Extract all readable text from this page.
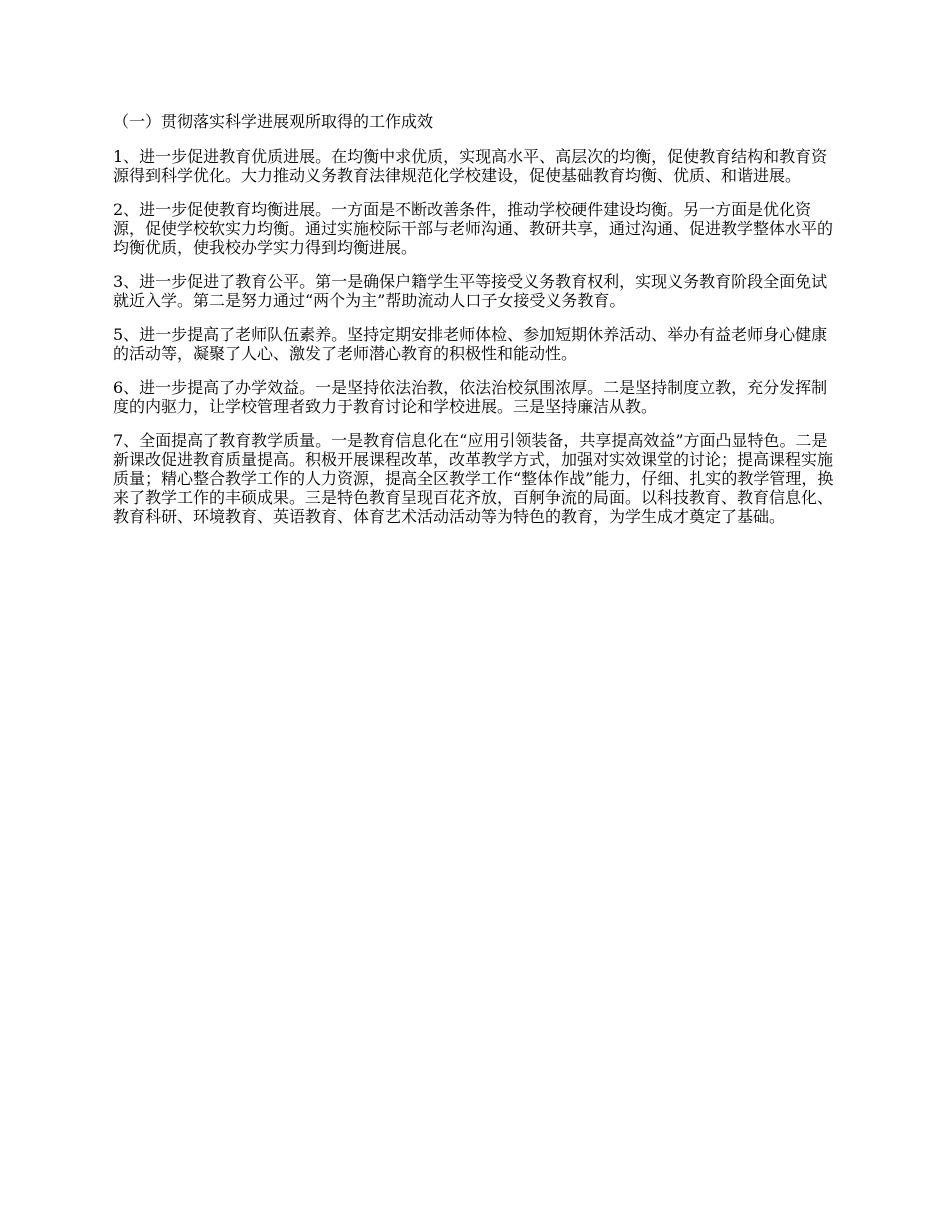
（一）贯彻落实科学进展观所取得的工作成效

1、进一步促进教育优质进展。在均衡中求优质，实现高水平、高层次的均衡，促使教育结构和教育资源得到科学优化。大力推动义务教育法律规范化学校建设，促使基础教育均衡、优质、和谐进展。

2、进一步促使教育均衡进展。一方面是不断改善条件，推动学校硬件建设均衡。另一方面是优化资源，促使学校软实力均衡。通过实施校际干部与老师沟通、教研共享，通过沟通、促进教学整体水平的均衡优质，使我校办学实力得到均衡进展。

3、进一步促进了教育公平。第一是确保户籍学生平等接受义务教育权利，实现义务教育阶段全面免试就近入学。第二是努力通过“两个为主”帮助流动人口子女接受义务教育。

5、进一步提高了老师队伍素养。坚持定期安排老师体检、参加短期休养活动、举办有益老师身心健康的活动等，凝聚了人心、激发了老师潜心教育的积极性和能动性。

6、进一步提高了办学效益。一是坚持依法治教，依法治校氛围浓厚。二是坚持制度立教，充分发挥制度的内驱力，让学校管理者致力于教育讨论和学校进展。三是坚持廉洁从教。

7、全面提高了教育教学质量。一是教育信息化在“应用引领装备，共享提高效益”方面凸显特色。二是新课改促进教育质量提高。积极开展课程改革，改革教学方式，加强对实效课堂的讨论；提高课程实施质量；精心整合教学工作的人力资源，提高全区教学工作“整体作战”能力，仔细、扎实的教学管理，换来了教学工作的丰硕成果。三是特色教育呈现百花齐放，百舸争流的局面。以科技教育、教育信息化、教育科研、环境教育、英语教育、体育艺术活动活动等为特色的教育，为学生成才奠定了基础。
